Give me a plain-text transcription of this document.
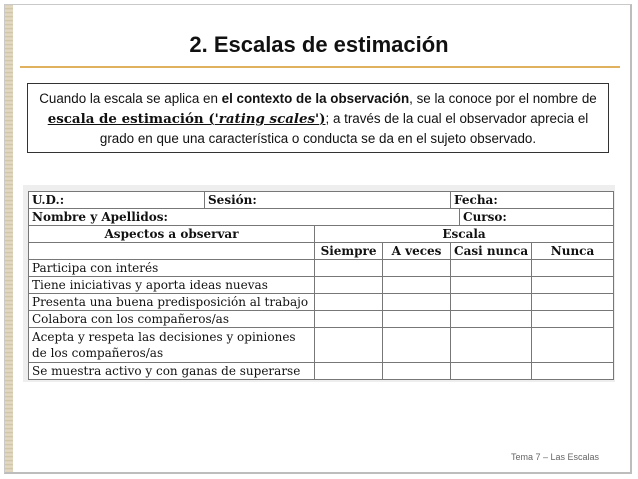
2. Escalas de estimación
Cuando la escala se aplica en el contexto de la observación, se la conoce por el nombre de escala de estimación ('rating scales'); a través de la cual el observador aprecia el grado en que una característica o conducta se da en el sujeto observado.
U.D.:	Sesión:			Fecha:		
Nombre y Apellidos:					Curso:	
Aspectos a observar		Escala				
		Siempre	A veces	Casi nunca		Nunca
Participa con interés						
Tiene iniciativas y aporta ideas nuevas						
Presenta una buena predisposición al trabajo						
Colabora con los compañeros/as						
Acepta y respeta las decisiones y opiniones de los compañeros/as						
Se muestra activo y con ganas de superarse						
Tema 7 – Las Escalas
